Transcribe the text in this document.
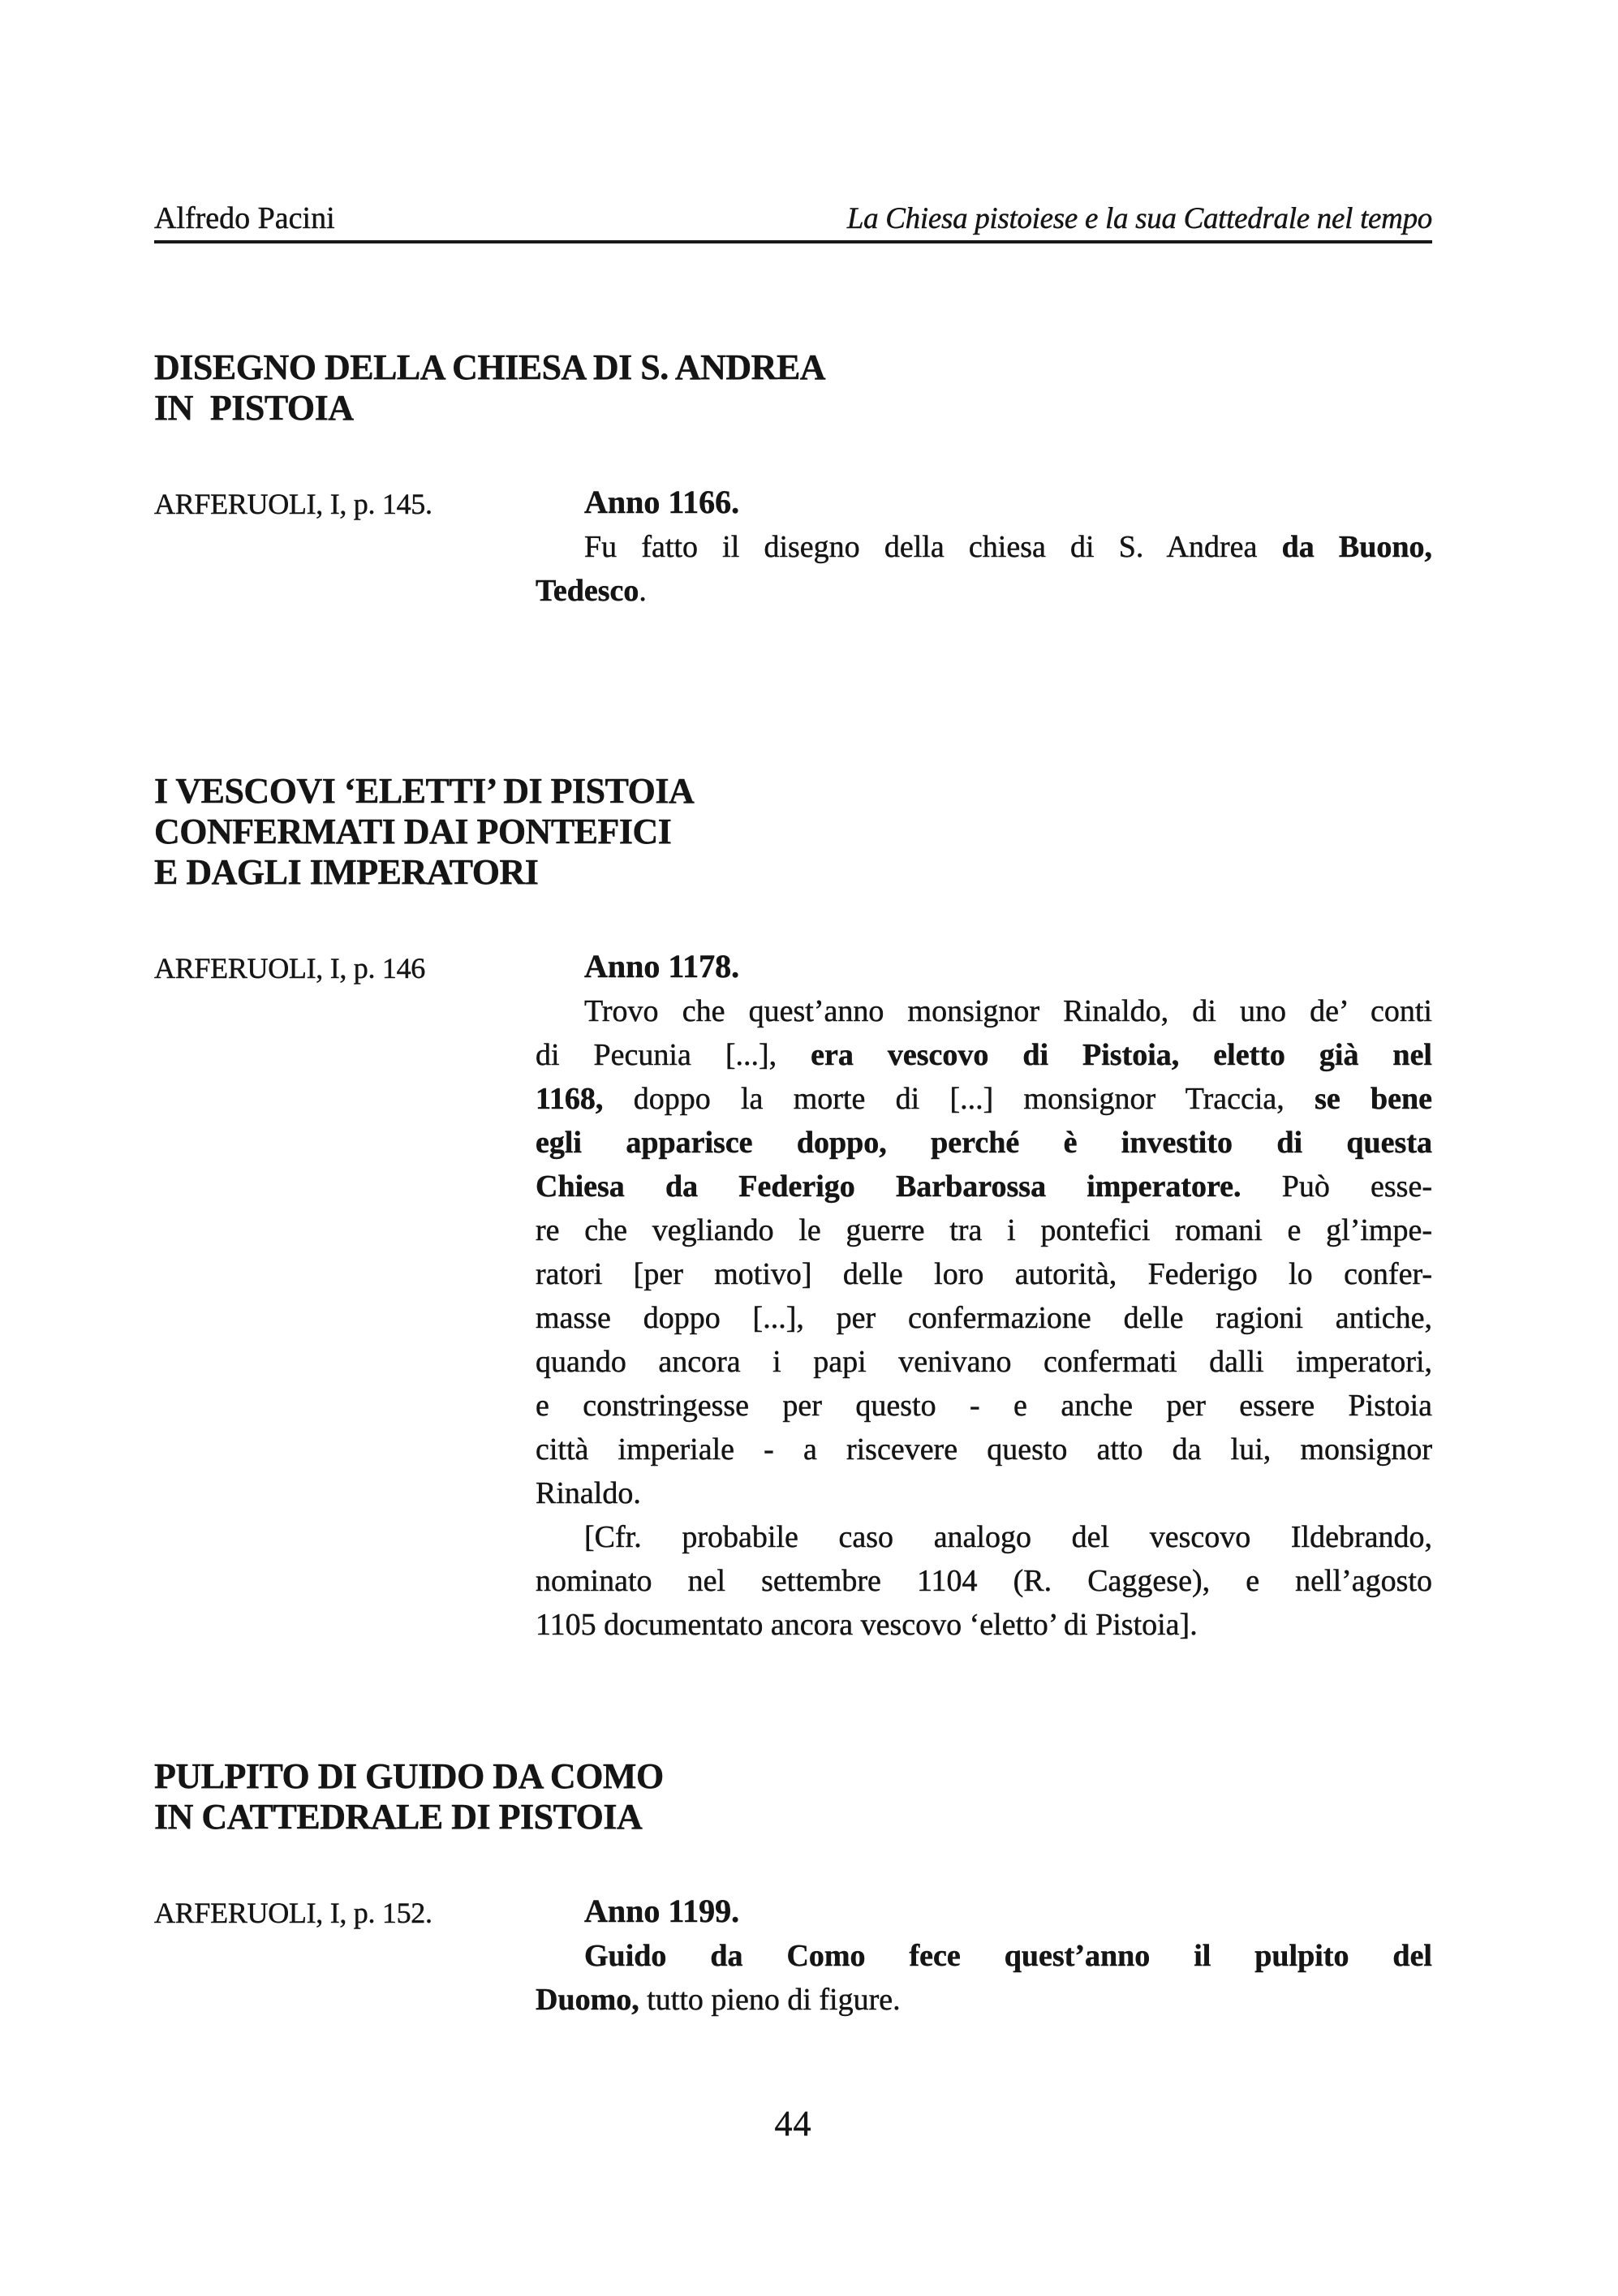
Alfredo Pacini	La Chiesa pistoiese e la sua Cattedrale nel tempo
DISEGNO DELLA CHIESA DI S. ANDREA
IN  PISTOIA
ARFERUOLI, I, p. 145.	Anno 1166.
Fu fatto il disegno della chiesa di S. Andrea da Buono,
Tedesco.
I VESCOVI ‘ELETTI’ DI PISTOIA
CONFERMATI DAI PONTEFICI
E DAGLI IMPERATORI
ARFERUOLI, I, p. 146	Anno 1178.
Trovo che quest’anno monsignor Rinaldo, di uno de’ conti
di Pecunia [...], era vescovo di Pistoia, eletto già nel
1168, doppo la morte di [...] monsignor Traccia, se bene
egli apparisce doppo, perché è investito di questa
Chiesa da Federigo Barbarossa imperatore. Può esse-
re che vegliando le guerre tra i pontefici romani e gl’impe-
ratori [per motivo] delle loro autorità, Federigo lo confer-
masse doppo [...], per confermazione delle ragioni antiche,
quando ancora i papi venivano confermati dalli imperatori,
e constringesse per questo - e anche per essere Pistoia
città imperiale - a riscevere questo atto da lui, monsignor
Rinaldo.
[Cfr. probabile caso analogo del vescovo Ildebrando,
nominato nel settembre 1104 (R. Caggese), e nell’agosto
1105 documentato ancora vescovo ‘eletto’ di Pistoia].
PULPITO DI GUIDO DA COMO
IN CATTEDRALE DI PISTOIA
ARFERUOLI, I, p. 152.	Anno 1199.
Guido da Como fece quest’anno il pulpito del
Duomo, tutto pieno di figure.
44
